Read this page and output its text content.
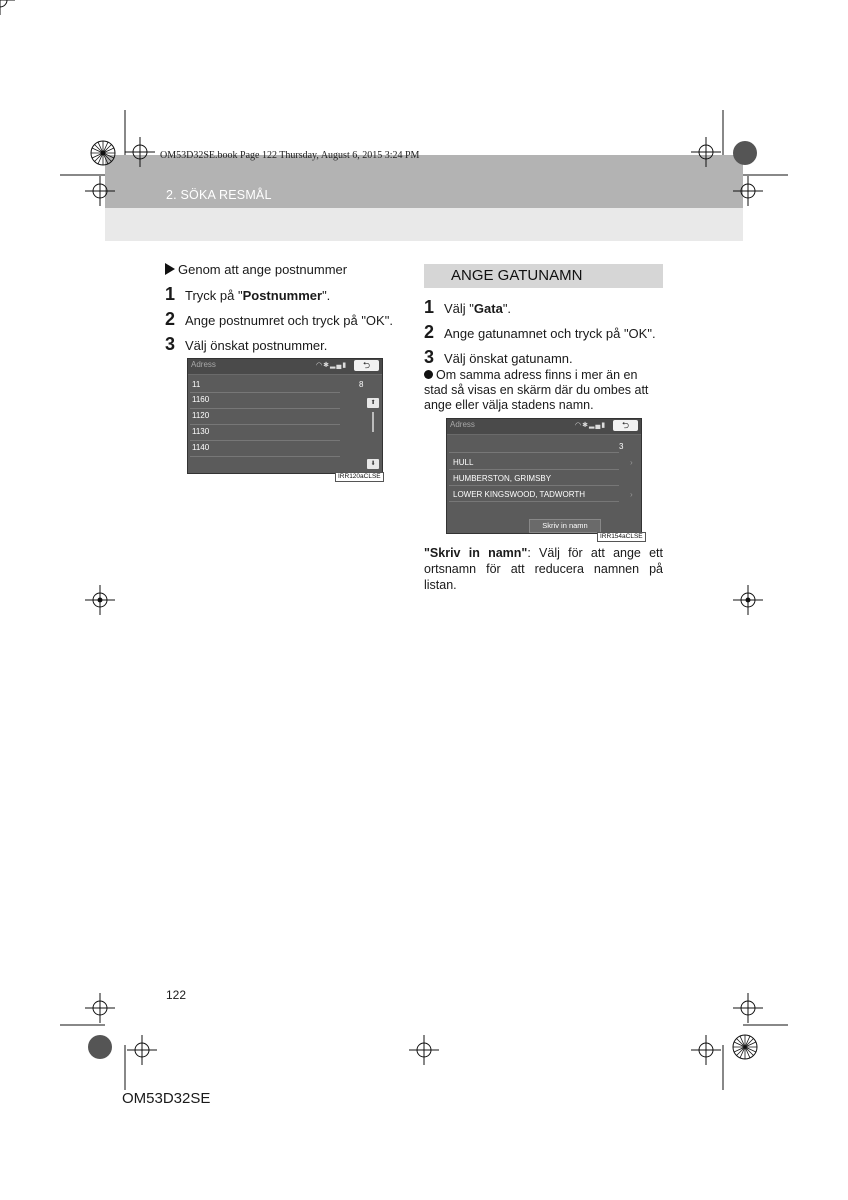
OM53D32SE.book Page 122 Thursday, August 6, 2015 3:24 PM
2. SÖKA RESMÅL
Genom att ange postnummer
1 Tryck på "Postnummer".
2 Ange postnumret och tryck på "OK".
3 Välj önskat postnummer.
Adress	◠✱▂▄▮	⮌
11	8
1160
1120
1130
1140
⬆
⬇
IRR120aCLSE
ANGE GATUNAMN
1 Välj "Gata".
2 Ange gatunamnet och tryck på "OK".
3 Välj önskat gatunamn.
Om samma adress finns i mer än en stad så visas en skärm där du ombes att ange eller välja stadens namn.
Adress	◠✱▂▄▮	⮌
3
HULL	›
HUMBERSTON, GRIMSBY
LOWER KINGSWOOD, TADWORTH	›
Skriv in namn
IRR154aCLSE
"Skriv in namn": Välj för att ange ett ortsnamn för att reducera namnen på listan.
122
OM53D32SE
